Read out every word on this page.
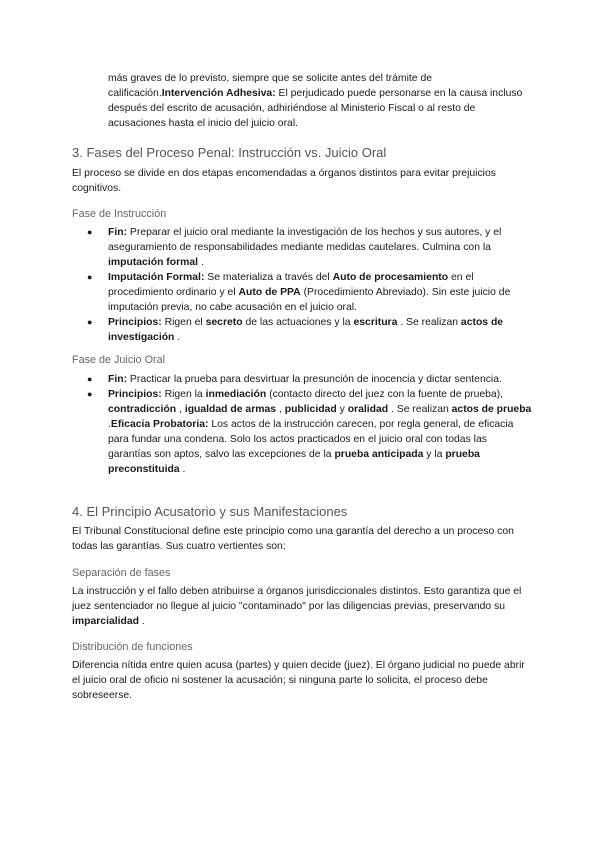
más graves de lo previsto, siempre que se solicite antes del trámite de calificación.Intervención Adhesiva: El perjudicado puede personarse en la causa incluso después del escrito de acusación, adhiriéndose al Ministerio Fiscal o al resto de acusaciones hasta el inicio del juicio oral.

3. Fases del Proceso Penal: Instrucción vs. Juicio Oral

El proceso se divide en dos etapas encomendadas a órganos distintos para evitar prejuicios cognitivos.

Fase de Instrucción
● Fin: Preparar el juicio oral mediante la investigación de los hechos y sus autores, y el aseguramiento de responsabilidades mediante medidas cautelares. Culmina con la imputación formal .
● Imputación Formal: Se materializa a través del Auto de procesamiento en el procedimiento ordinario y el Auto de PPA (Procedimiento Abreviado). Sin este juicio de imputación previa, no cabe acusación en el juicio oral.
● Principios: Rigen el secreto de las actuaciones y la escritura . Se realizan actos de investigación .
Fase de Juicio Oral
● Fin: Practicar la prueba para desvirtuar la presunción de inocencia y dictar sentencia.
● Principios: Rigen la inmediación (contacto directo del juez con la fuente de prueba), contradicción , igualdad de armas , publicidad y oralidad . Se realizan actos de prueba .Eficacia Probatoria: Los actos de la instrucción carecen, por regla general, de eficacia para fundar una condena. Solo los actos practicados en el juicio oral con todas las garantías son aptos, salvo las excepciones de la prueba anticipada y la prueba preconstituida .
4. El Principio Acusatorio y sus Manifestaciones

El Tribunal Constitucional define este principio como una garantía del derecho a un proceso con todas las garantías. Sus cuatro vertientes son:

Separación de fases

La instrucción y el fallo deben atribuirse a órganos jurisdiccionales distintos. Esto garantiza que el juez sentenciador no llegue al juicio "contaminado" por las diligencias previas, preservando su imparcialidad .

Distribución de funciones

Diferencia nítida entre quien acusa (partes) y quien decide (juez). El órgano judicial no puede abrir el juicio oral de oficio ni sostener la acusación; si ninguna parte lo solicita, el proceso debe sobreseerse.
